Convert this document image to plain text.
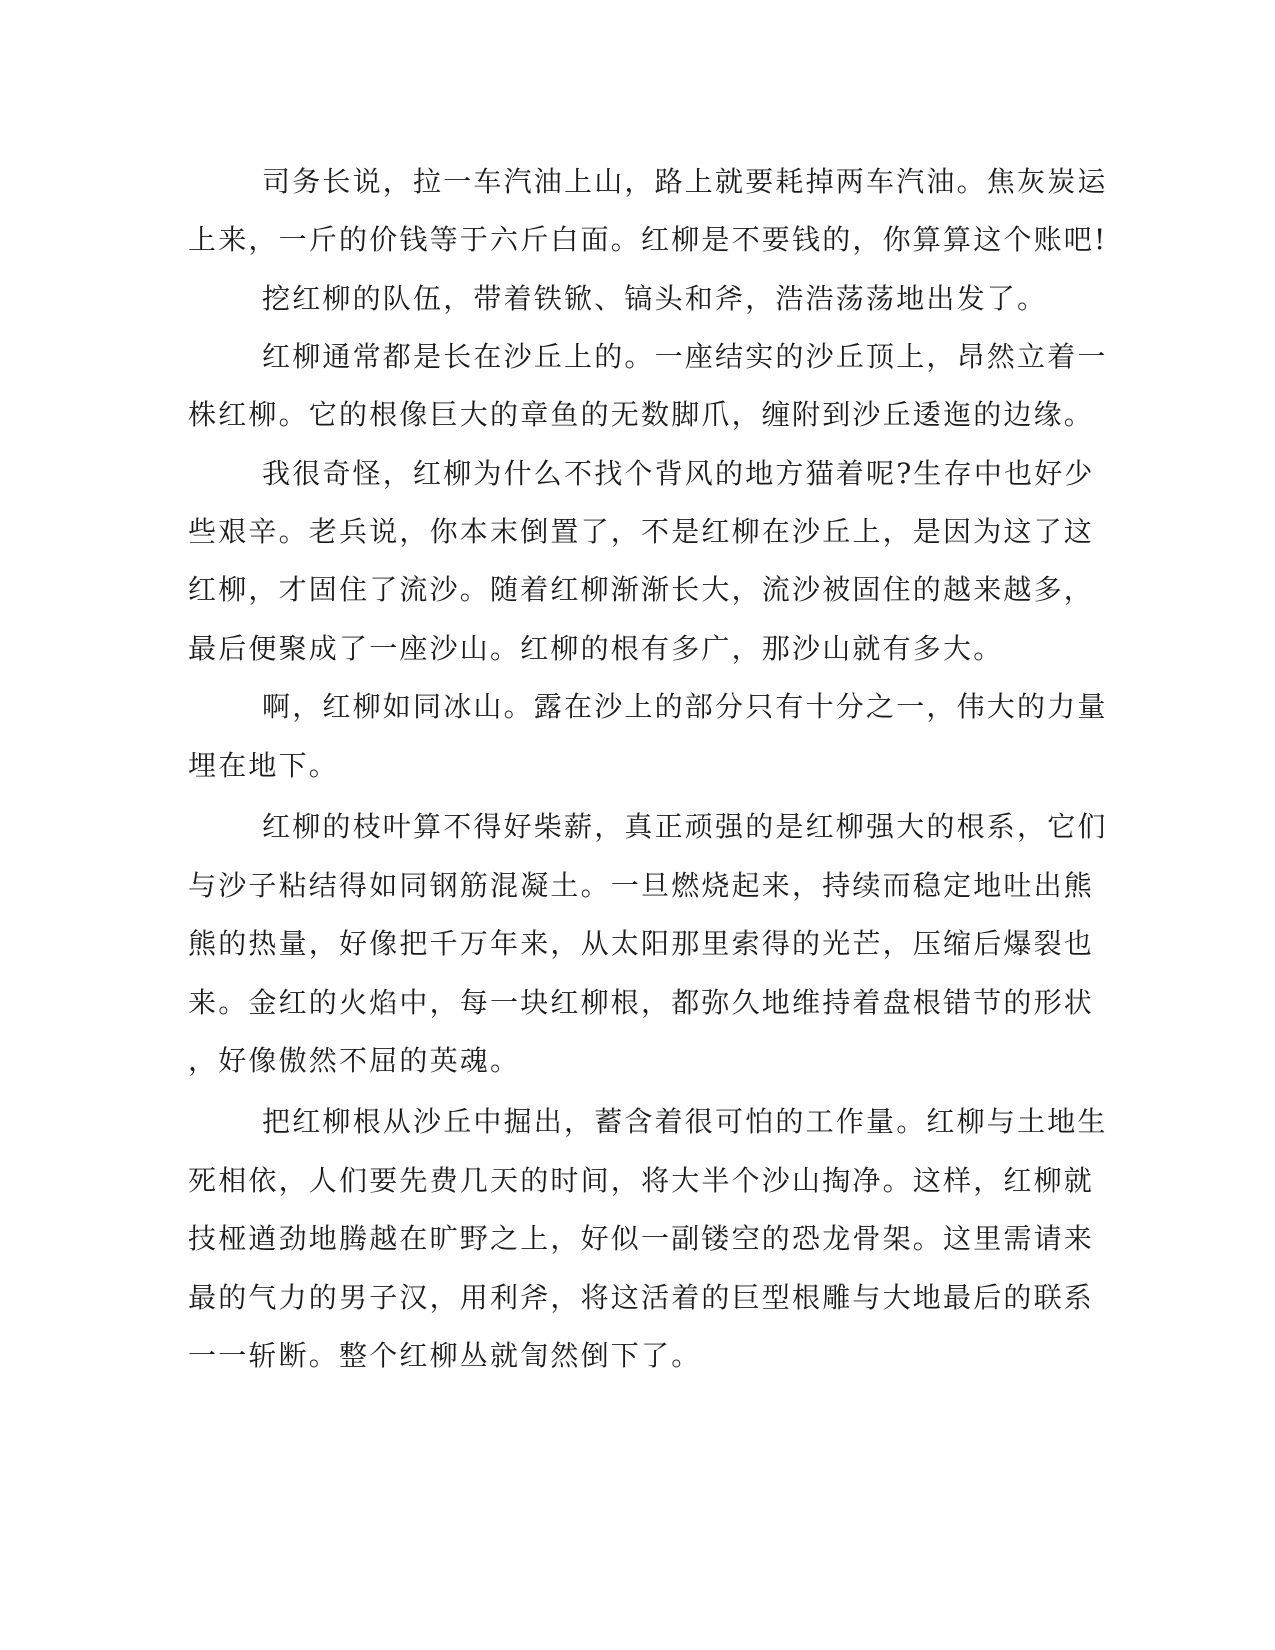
司务长说，拉一车汽油上山，路上就要耗掉两车汽油。焦灰炭运
上来，一斤的价钱等于六斤白面。红柳是不要钱的，你算算这个账吧!
挖红柳的队伍，带着铁锨、镐头和斧，浩浩荡荡地出发了。
红柳通常都是长在沙丘上的。一座结实的沙丘顶上，昂然立着一
株红柳。它的根像巨大的章鱼的无数脚爪，缠附到沙丘逶迤的边缘。
我很奇怪，红柳为什么不找个背风的地方猫着呢?生存中也好少
些艰辛。老兵说，你本末倒置了，不是红柳在沙丘上，是因为这了这
红柳，才固住了流沙。随着红柳渐渐长大，流沙被固住的越来越多，
最后便聚成了一座沙山。红柳的根有多广，那沙山就有多大。
啊，红柳如同冰山。露在沙上的部分只有十分之一，伟大的力量
埋在地下。
红柳的枝叶算不得好柴薪，真正顽强的是红柳强大的根系，它们
与沙子粘结得如同钢筋混凝土。一旦燃烧起来，持续而稳定地吐出熊
熊的热量，好像把千万年来，从太阳那里索得的光芒，压缩后爆裂也
来。金红的火焰中，每一块红柳根，都弥久地维持着盘根错节的形状
，好像傲然不屈的英魂。
把红柳根从沙丘中掘出，蓄含着很可怕的工作量。红柳与土地生
死相依，人们要先费几天的时间，将大半个沙山掏净。这样，红柳就
技桠遒劲地腾越在旷野之上，好似一副镂空的恐龙骨架。这里需请来
最的气力的男子汉，用利斧，将这活着的巨型根雕与大地最后的联系
一一斩断。整个红柳丛就訇然倒下了。
